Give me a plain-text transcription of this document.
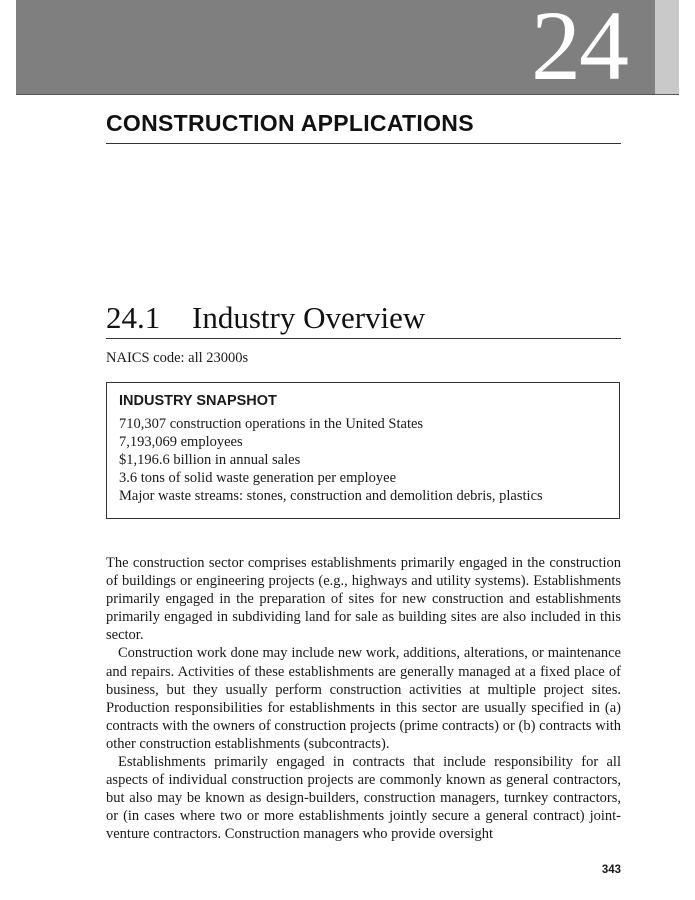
24
CONSTRUCTION APPLICATIONS
24.1 Industry Overview
NAICS code: all 23000s
INDUSTRY SNAPSHOT
710,307 construction operations in the United States
7,193,069 employees
$1,196.6 billion in annual sales
3.6 tons of solid waste generation per employee
Major waste streams: stones, construction and demolition debris, plastics

The construction sector comprises establishments primarily engaged in the construction of buildings or engineering projects (e.g., highways and utility systems). Establishments primarily engaged in the preparation of sites for new construction and establishments primarily engaged in subdividing land for sale as building sites are also included in this sector.

Construction work done may include new work, additions, alterations, or maintenance and repairs. Activities of these establishments are generally managed at a fixed place of business, but they usually perform construction activities at multiple project sites. Production responsibilities for establishments in this sector are usually specified in (a) contracts with the owners of construction projects (prime contracts) or (b) contracts with other construction establishments (subcontracts).

Establishments primarily engaged in contracts that include responsibility for all aspects of individual construction projects are commonly known as general contractors, but also may be known as design-builders, construction managers, turnkey contractors, or (in cases where two or more establishments jointly secure a general contract) joint-venture contractors. Construction managers who provide oversight

343
